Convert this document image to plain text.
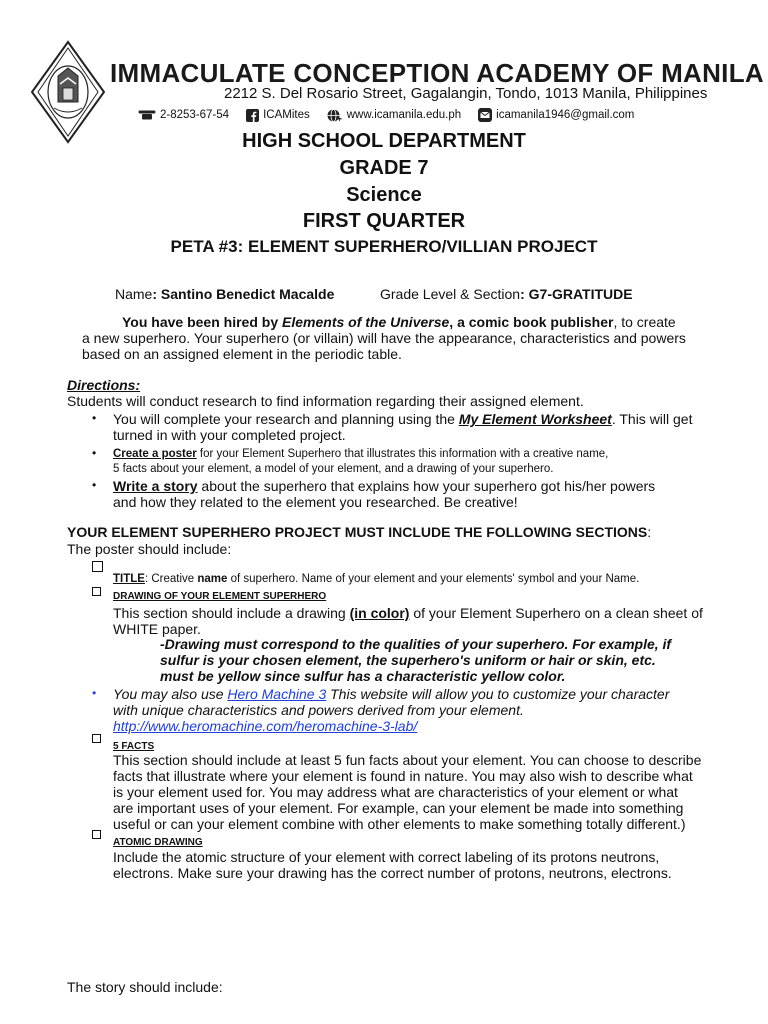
IMMACULATE CONCEPTION ACADEMY OF MANILA
2212 S. Del Rosario Street, Gagalangin, Tondo, 1013 Manila, Philippines
2-8253-67-54	ICAMites	www.icamanila.edu.ph	icamanila1946@gmail.com
HIGH SCHOOL DEPARTMENT
GRADE 7
Science
FIRST QUARTER
PETA #3: ELEMENT SUPERHERO/VILLIAN PROJECT
Name: Santino Benedict Macalde	Grade Level & Section: G7-GRATITUDE
You have been hired by Elements of the Universe, a comic book publisher, to create
a new superhero. Your superhero (or villain) will have the appearance, characteristics and powers
based on an assigned element in the periodic table.
Directions:
Students will conduct research to find information regarding their assigned element.
• You will complete your research and planning using the My Element Worksheet. This will get
turned in with your completed project.
• Create a poster for your Element Superhero that illustrates this information with a creative name,
5 facts about your element, a model of your element, and a drawing of your superhero.
• Write a story about the superhero that explains how your superhero got his/her powers
and how they related to the element you researched. Be creative!
YOUR ELEMENT SUPERHERO PROJECT MUST INCLUDE THE FOLLOWING SECTIONS:
The poster should include:
TITLE: Creative name of superhero. Name of your element and your elements' symbol and your Name.
DRAWING OF YOUR ELEMENT SUPERHERO
This section should include a drawing (in color) of your Element Superhero on a clean sheet of
WHITE paper.
-Drawing must correspond to the qualities of your superhero. For example, if
sulfur is your chosen element, the superhero's uniform or hair or skin, etc.
must be yellow since sulfur has a characteristic yellow color.
• You may also use Hero Machine 3 This website will allow you to customize your character
with unique characteristics and powers derived from your element.
http://www.heromachine.com/heromachine-3-lab/
5 FACTS
This section should include at least 5 fun facts about your element. You can choose to describe
facts that illustrate where your element is found in nature. You may also wish to describe what
is your element used for. You may address what are characteristics of your element or what
are important uses of your element. For example, can your element be made into something
useful or can your element combine with other elements to make something totally different.)
ATOMIC DRAWING
Include the atomic structure of your element with correct labeling of its protons neutrons,
electrons. Make sure your drawing has the correct number of protons, neutrons, electrons.
The story should include:
